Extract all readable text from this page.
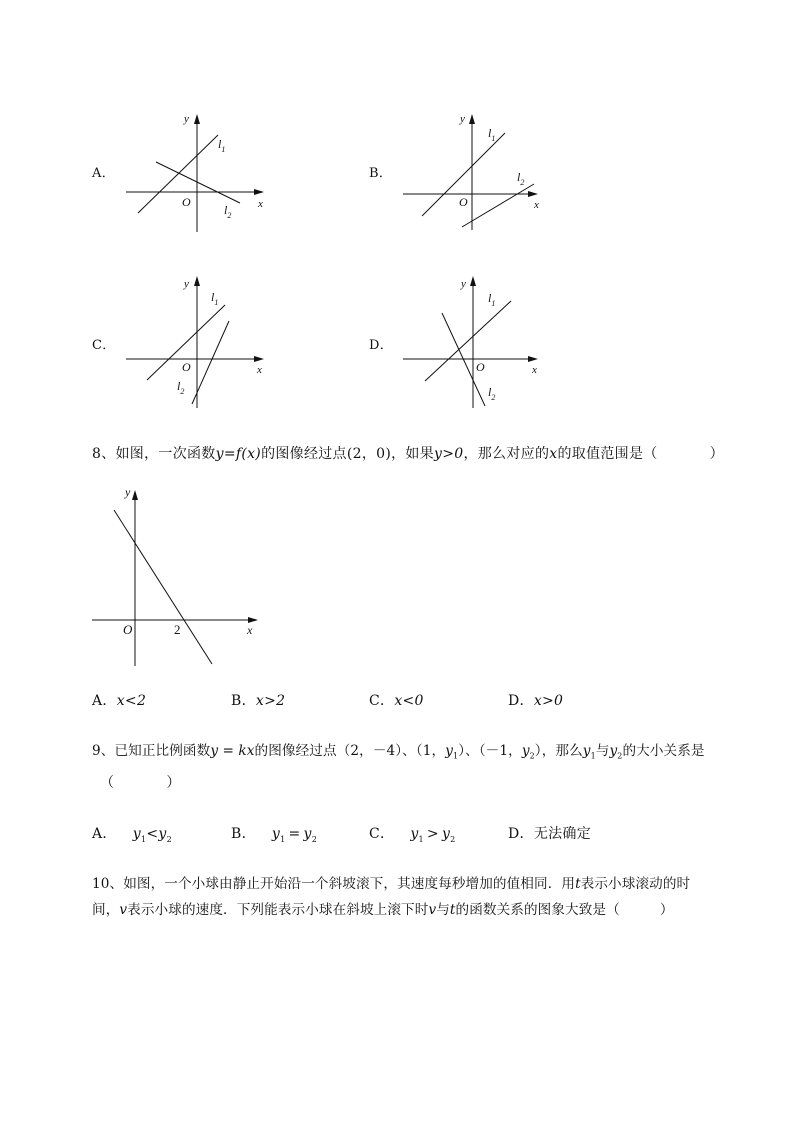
A．
y
x
O
$l_1$
$l_2$
B．
y
x
O
$l_1$
$l_2$
C．
y
x
O
$l_1$
$l_2$
D．
y
x
O
$l_1$
$l_2$
8、如图，一次函数y=f(x)的图像经过点(2，0)，如果y>0，那么对应的x的取值范围是（	）
y
x
O	2
A．x<2	B．x>2	C．x<0	D．x>0
9、已知正比例函数y = kx的图像经过点（2，－4）、（1，$y_1$）、（－1，$y_2$），那么$y_1$与$y_2$的大小关系是
（	）
A． $y_1<y_2$	B． $y_1 = y_2$	C． $y_1 > y_2$	D．无法确定
10、如图，一个小球由静止开始沿一个斜坡滚下，其速度每秒增加的值相同．用t表示小球滚动的时
间，v表示小球的速度．下列能表示小球在斜坡上滚下时v与t的函数关系的图象大致是（	）
